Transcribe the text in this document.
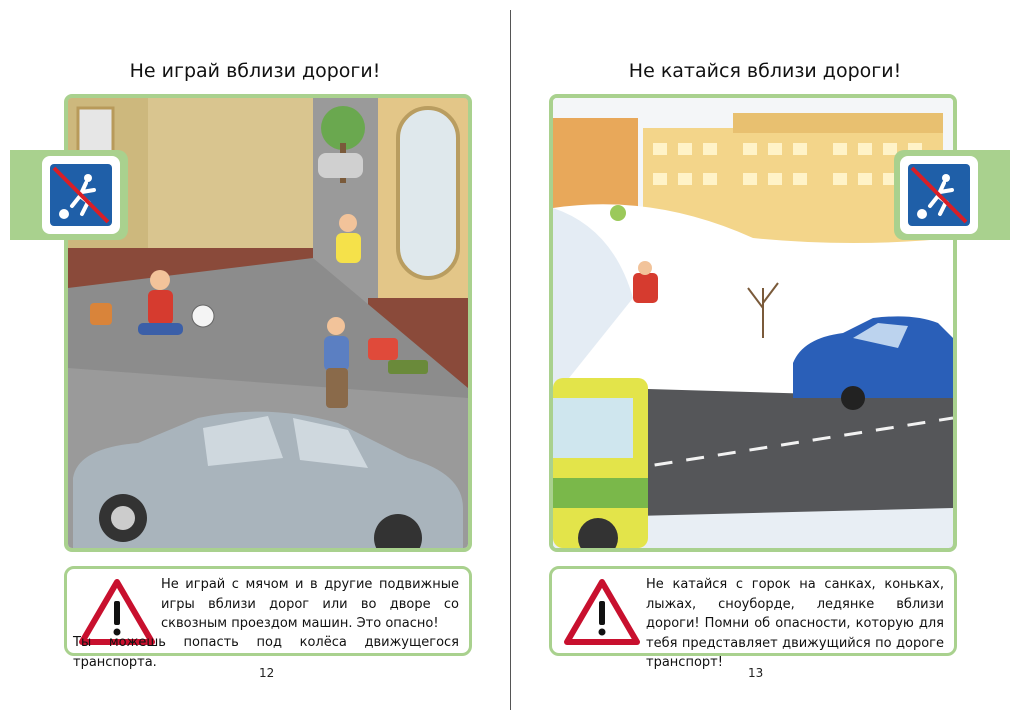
Не играй вблизи дороги!
Не играй с мячом и в другие подвижные игры вблизи дорог или во дворе со сквозным проездом машин. Это опасно!
Ты можешь попасть под колёса движущегося транспорта.
12
Не катайся вблизи дороги!
Не катайся с горок на санках, коньках, лыжах, сноуборде, ледянке вблизи дороги! Помни об опасности, которую для тебя представляет движущийся по дороге транспорт!
13
